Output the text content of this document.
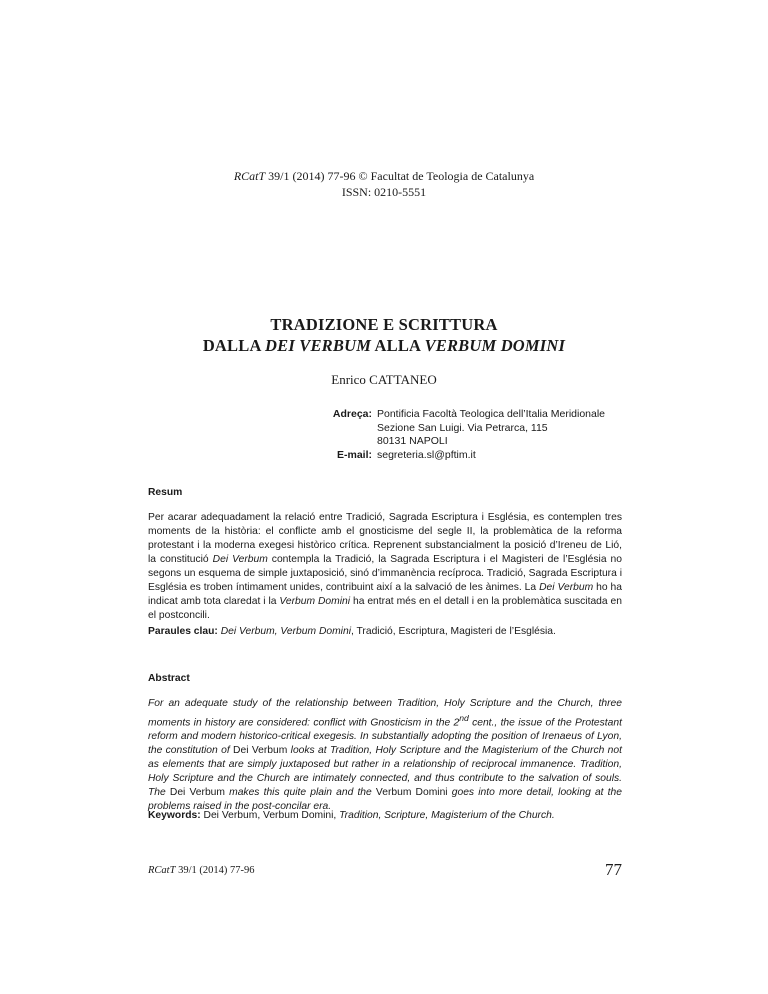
RCatT 39/1 (2014) 77-96 © Facultat de Teologia de Catalunya
ISSN: 0210-5551
TRADIZIONE E SCRITTURA
DALLA DEI VERBUM ALLA VERBUM DOMINI
Enrico CATTANEO
Adreça: Pontificia Facoltà Teologica dell’Italia Meridionale
Sezione San Luigi. Via Petrarca, 115
80131 NAPOLI
E-mail: segreteria.sl@pftim.it

Resum

Per acarar adequadament la relació entre Tradició, Sagrada Escriptura i Església, es contemplen tres moments de la història: el conflicte amb el gnosticisme del segle II, la problemàtica de la reforma protestant i la moderna exegesi històrico crítica. Reprenent substancialment la posició d’Ireneu de Lió, la constitució Dei Verbum contempla la Tradició, la Sagrada Escriptura i el Magisteri de l’Església no segons un esquema de simple juxtaposició, sinó d’immanència recíproca. Tradició, Sagrada Escriptura i Església es troben íntimament unides, contribuint així a la salvació de les ànimes. La Dei Verbum ho ha indicat amb tota claredat i la Verbum Domini ha entrat més en el detall i en la problemàtica suscitada en el postconcili.

Paraules clau: Dei Verbum, Verbum Domini, Tradició, Escriptura, Magisteri de l’Església.

Abstract

For an adequate study of the relationship between Tradition, Holy Scripture and the Church, three moments in history are considered: conflict with Gnosticism in the 2nd cent., the issue of the Protestant reform and modern historico-critical exegesis. In substantially adopting the position of Irenaeus of Lyon, the constitution of Dei Verbum looks at Tradition, Holy Scripture and the Magisterium of the Church not as elements that are simply juxtaposed but rather in a relationship of reciprocal immanence. Tradition, Holy Scripture and the Church are intimately connected, and thus contribute to the salvation of souls. The Dei Verbum makes this quite plain and the Verbum Domini goes into more detail, looking at the problems raised in the post-concilar era.

Keywords: Dei Verbum, Verbum Domini, Tradition, Scripture, Magisterium of the Church.
RCatT 39/1 (2014) 77-96	77
